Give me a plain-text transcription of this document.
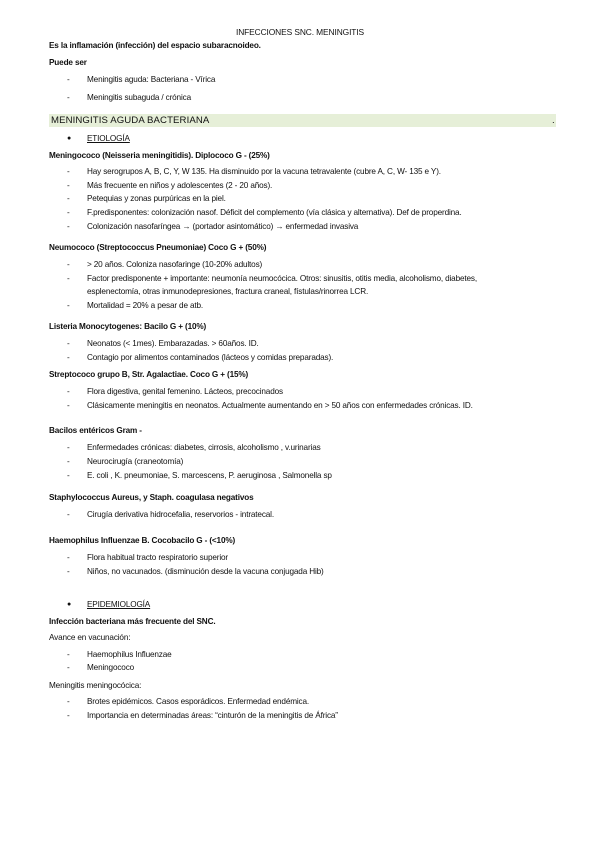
INFECCIONES SNC. MENINGITIS
Es la inflamación (infección) del espacio subaracnoideo.
Puede ser
- Meningitis aguda: Bacteriana - Vírica
- Meningitis subaguda / crónica
MENINGITIS AGUDA BACTERIANA	.
● ETIOLOGÍA
Meningococo (Neisseria meningitidis). Diplococo G - (25%)
- Hay serogrupos A, B, C, Y, W 135. Ha disminuido por la vacuna tetravalente (cubre A, C, W- 135 e Y).
- Más frecuente en niños y adolescentes (2 - 20 años).
- Petequias y zonas purpúricas en la piel.
- F.predisponentes: colonización nasof. Déficit del complemento (vía clásica y alternativa). Def de properdina.
- Colonización nasofaríngea → (portador asintomático) → enfermedad invasiva
Neumococo (Streptococcus Pneumoniae) Coco G + (50%)
- > 20 años. Coloniza nasofaringe (10-20% adultos)
- Factor predisponente + importante: neumonía neumocócica. Otros: sinusitis, otitis media, alcoholismo, diabetes,
esplenectomía, otras inmunodepresiones, fractura craneal, fístulas/rinorrea LCR.
- Mortalidad = 20% a pesar de atb.
Listeria Monocytogenes: Bacilo G + (10%)
- Neonatos (< 1mes). Embarazadas. > 60años. ID.
- Contagio por alimentos contaminados (lácteos y comidas preparadas).
Streptococo grupo B, Str. Agalactiae. Coco G + (15%)
- Flora digestiva, genital femenino. Lácteos, precocinados
- Clásicamente meningitis en neonatos. Actualmente aumentando en > 50 años con enfermedades crónicas. ID.
Bacilos entéricos Gram -
- Enfermedades crónicas: diabetes, cirrosis, alcoholismo , v.urinarias
- Neurocirugía (craneotomía)
- E. coli , K. pneumoniae, S. marcescens, P. aeruginosa , Salmonella sp
Staphylococcus Aureus, y Staph. coagulasa negativos
- Cirugía derivativa hidrocefalia, reservorios - intratecal.
Haemophilus Influenzae B. Cocobacilo G - (<10%)
- Flora habitual tracto respiratorio superior
- Niños, no vacunados. (disminución desde la vacuna conjugada Hib)
● EPIDEMIOLOGÍA
Infección bacteriana más frecuente del SNC.
Avance en vacunación:
- Haemophilus Influenzae
- Meningococo
Meningitis meningocócica:
- Brotes epidémicos. Casos esporádicos. Enfermedad endémica.
- Importancia en determinadas áreas: “cinturón de la meningitis de África”
